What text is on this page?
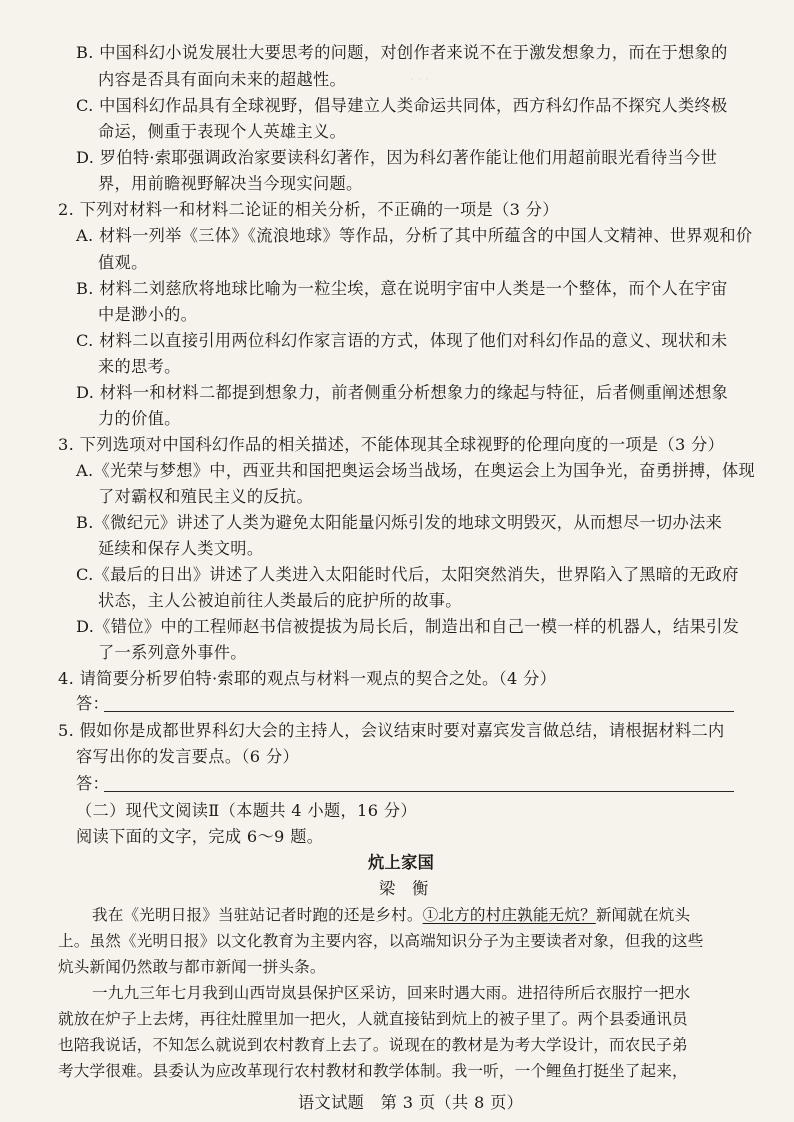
· · ·
B. 中国科幻小说发展壮大要思考的问题，对创作者来说不在于激发想象力，而在于想象的
内容是否具有面向未来的超越性。
C. 中国科幻作品具有全球视野，倡导建立人类命运共同体，西方科幻作品不探究人类终极
命运，侧重于表现个人英雄主义。
D. 罗伯特·索耶强调政治家要读科幻著作，因为科幻著作能让他们用超前眼光看待当今世
界，用前瞻视野解决当今现实问题。
2. 下列对材料一和材料二论证的相关分析，不正确的一项是（3 分）
A. 材料一列举《三体》《流浪地球》等作品，分析了其中所蕴含的中国人文精神、世界观和价
值观。
B. 材料二刘慈欣将地球比喻为一粒尘埃，意在说明宇宙中人类是一个整体，而个人在宇宙
中是渺小的。
C. 材料二以直接引用两位科幻作家言语的方式，体现了他们对科幻作品的意义、现状和未
来的思考。
D. 材料一和材料二都提到想象力，前者侧重分析想象力的缘起与特征，后者侧重阐述想象
力的价值。
3. 下列选项对中国科幻作品的相关描述，不能体现其全球视野的伦理向度的一项是（3 分）
A.《光荣与梦想》中，西亚共和国把奥运会场当战场，在奥运会上为国争光，奋勇拼搏，体现
了对霸权和殖民主义的反抗。
B.《微纪元》讲述了人类为避免太阳能量闪烁引发的地球文明毁灭，从而想尽一切办法来
延续和保存人类文明。
C.《最后的日出》讲述了人类进入太阳能时代后，太阳突然消失，世界陷入了黑暗的无政府
状态，主人公被迫前往人类最后的庇护所的故事。
D.《错位》中的工程师赵书信被提拔为局长后，制造出和自己一模一样的机器人，结果引发
了一系列意外事件。
4. 请简要分析罗伯特·索耶的观点与材料一观点的契合之处。（4 分）
答：
5. 假如你是成都世界科幻大会的主持人，会议结束时要对嘉宾发言做总结，请根据材料二内
容写出你的发言要点。（6 分）
答：
（二）现代文阅读Ⅱ（本题共 4 小题，16 分）
阅读下面的文字，完成 6～9 题。
炕上家国
梁　衡
我在《光明日报》当驻站记者时跑的还是乡村。①北方的村庄孰能无炕？新闻就在炕头
上。虽然《光明日报》以文化教育为主要内容，以高端知识分子为主要读者对象，但我的这些
炕头新闻仍然敢与都市新闻一拼头条。
一九九三年七月我到山西岢岚县保护区采访，回来时遇大雨。进招待所后衣服拧一把水
就放在炉子上去烤，再往灶膛里加一把火，人就直接钻到炕上的被子里了。两个县委通讯员
也陪我说话，不知怎么就说到农村教育上去了。说现在的教材是为考大学设计，而农民子弟
考大学很难。县委认为应改革现行农村教材和教学体制。我一听，一个鲤鱼打挺坐了起来，
语文试题　第 3 页（共 8 页）
